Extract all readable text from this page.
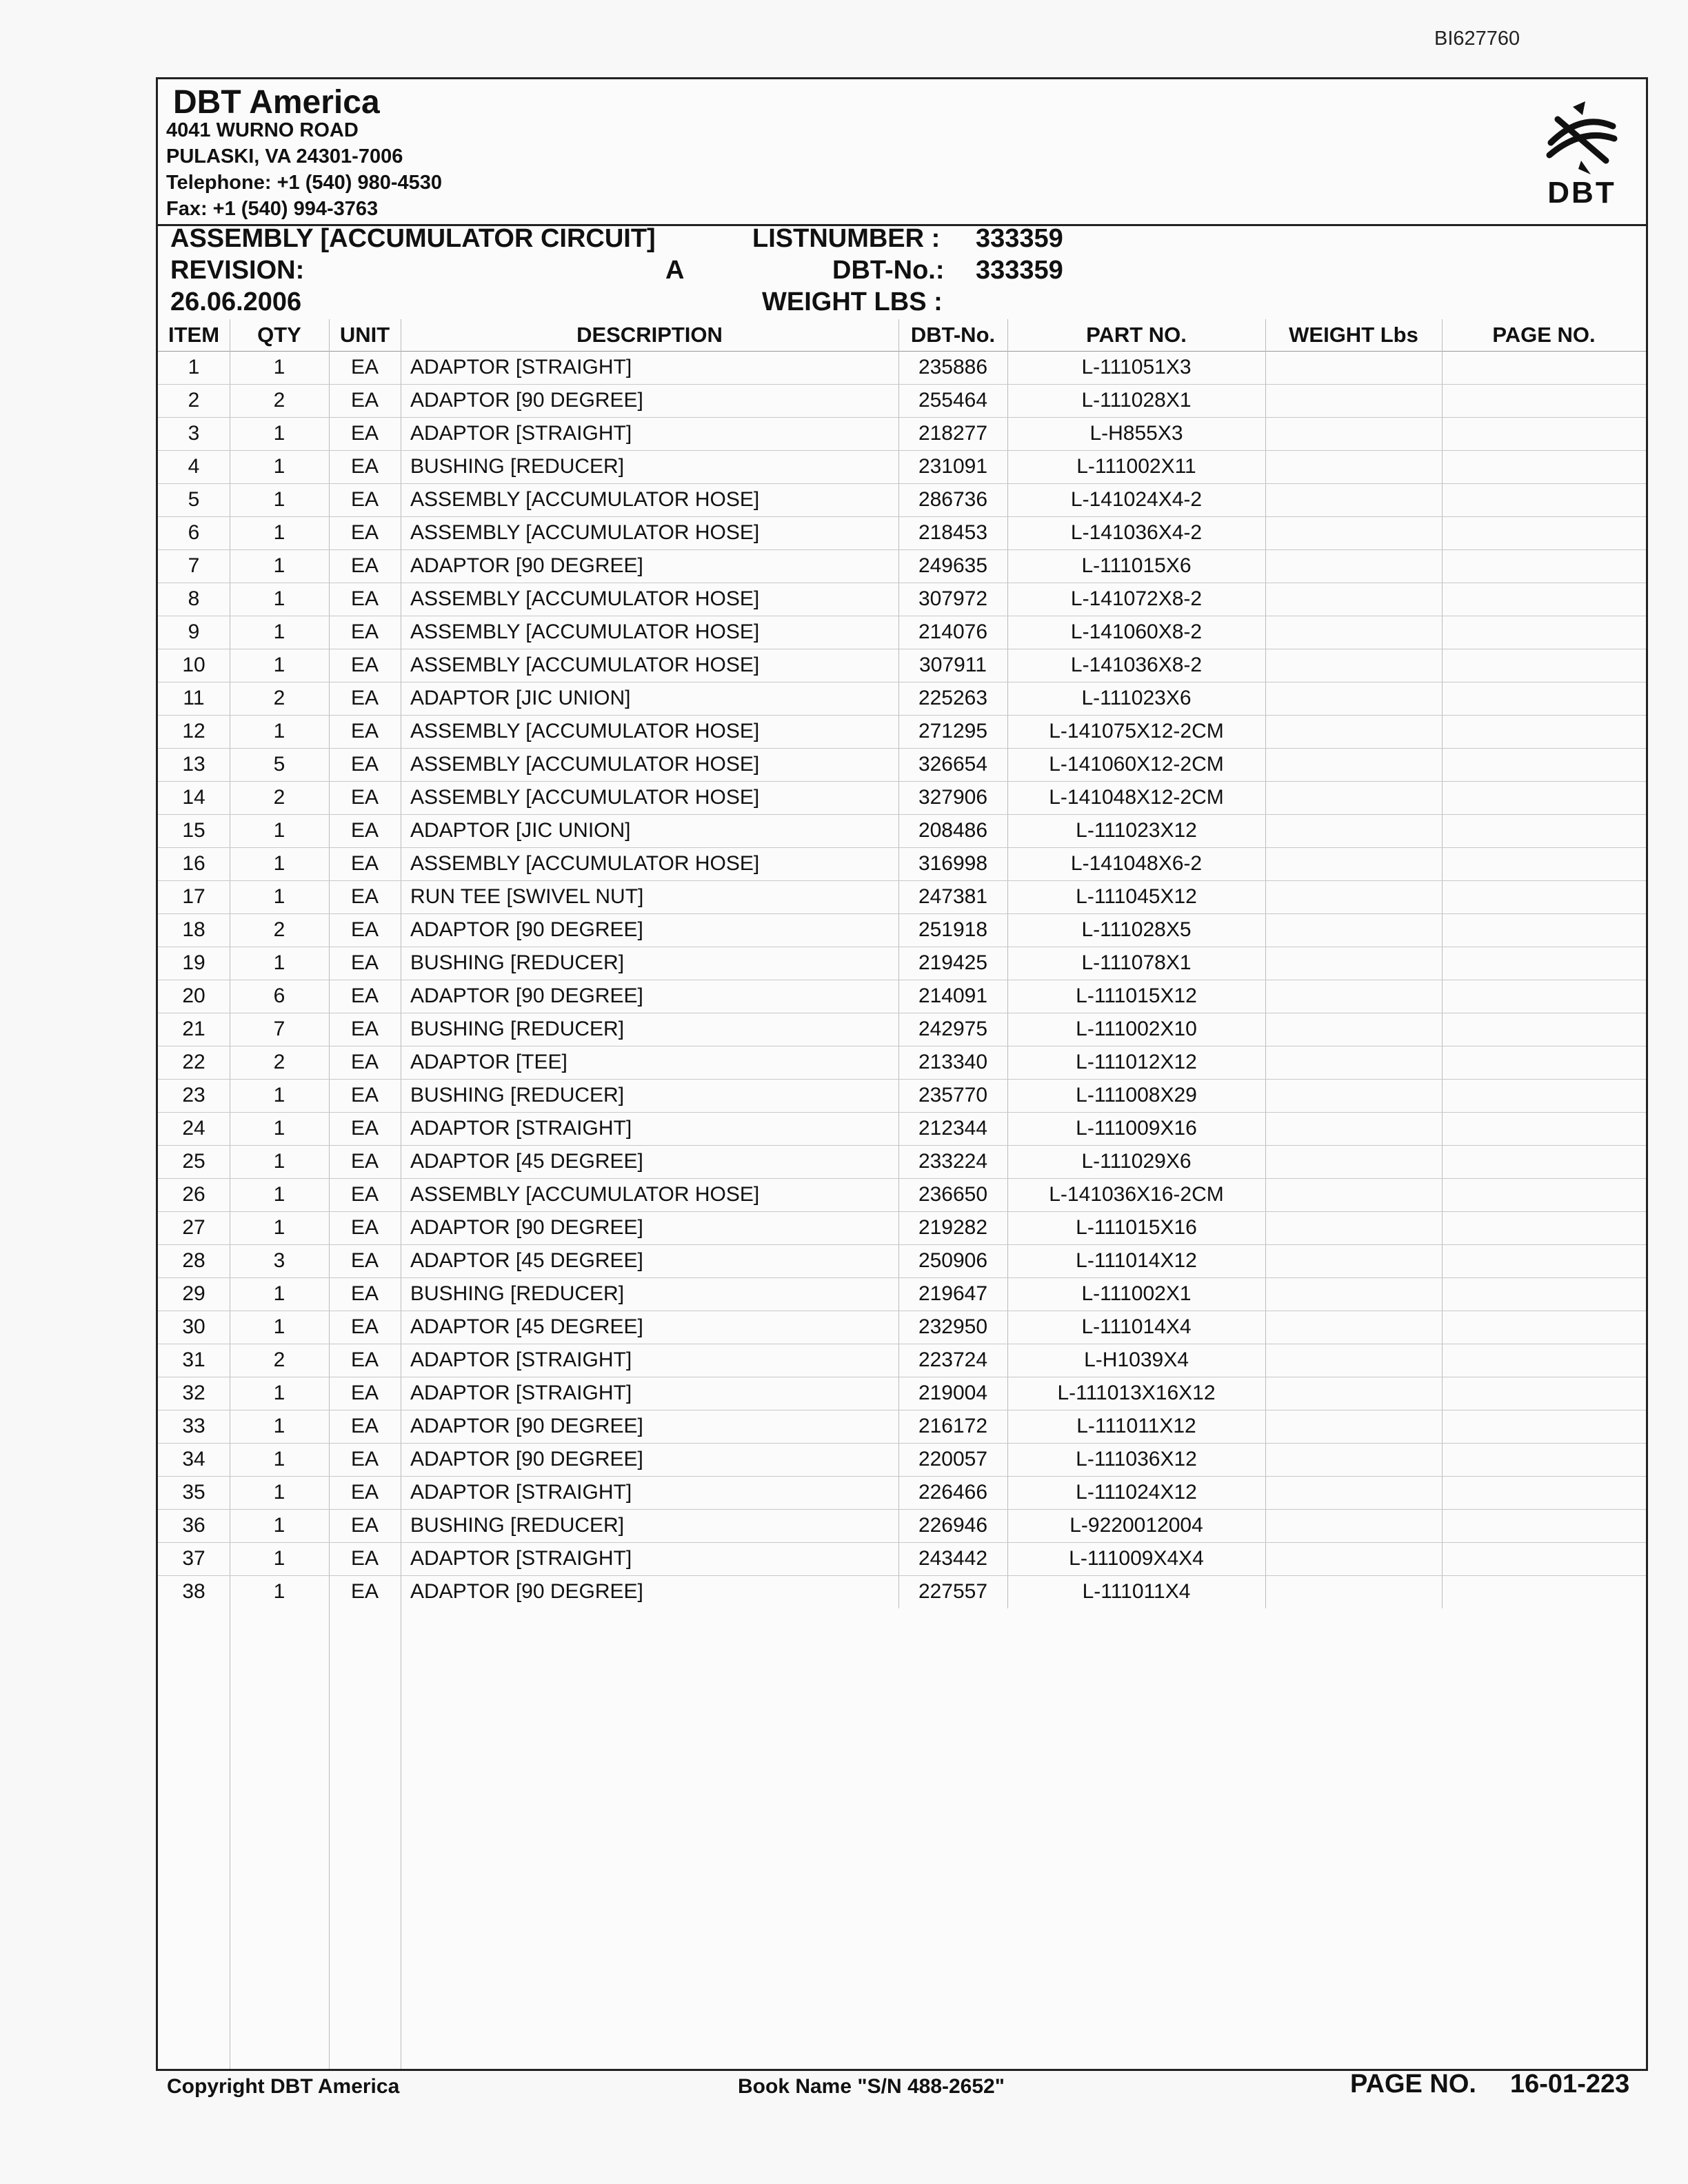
BI627760
DBT America
4041 WURNO ROAD
PULASKI, VA 24301-7006
Telephone: +1 (540) 980-4530
Fax: +1 (540) 994-3763	DBT
ASSEMBLY [ACCUMULATOR CIRCUIT]	LISTNUMBER : 333359
REVISION:	A	DBT-No.: 333359
26.06.2006	WEIGHT LBS :
ITEM	QTY	UNIT	DESCRIPTION	DBT-No.	PART NO.	WEIGHT Lbs	PAGE NO.
1	1	EA	ADAPTOR [STRAIGHT]	235886	L-111051X3
2	2	EA	ADAPTOR [90 DEGREE]	255464	L-111028X1
3	1	EA	ADAPTOR [STRAIGHT]	218277	L-H855X3
4	1	EA	BUSHING [REDUCER]	231091	L-111002X11
5	1	EA	ASSEMBLY [ACCUMULATOR HOSE]	286736	L-141024X4-2
6	1	EA	ASSEMBLY [ACCUMULATOR HOSE]	218453	L-141036X4-2
7	1	EA	ADAPTOR [90 DEGREE]	249635	L-111015X6
8	1	EA	ASSEMBLY [ACCUMULATOR HOSE]	307972	L-141072X8-2
9	1	EA	ASSEMBLY [ACCUMULATOR HOSE]	214076	L-141060X8-2
10	1	EA	ASSEMBLY [ACCUMULATOR HOSE]	307911	L-141036X8-2
11	2	EA	ADAPTOR [JIC UNION]	225263	L-111023X6
12	1	EA	ASSEMBLY [ACCUMULATOR HOSE]	271295	L-141075X12-2CM
13	5	EA	ASSEMBLY [ACCUMULATOR HOSE]	326654	L-141060X12-2CM
14	2	EA	ASSEMBLY [ACCUMULATOR HOSE]	327906	L-141048X12-2CM
15	1	EA	ADAPTOR [JIC UNION]	208486	L-111023X12
16	1	EA	ASSEMBLY [ACCUMULATOR HOSE]	316998	L-141048X6-2
17	1	EA	RUN TEE [SWIVEL NUT]	247381	L-111045X12
18	2	EA	ADAPTOR [90 DEGREE]	251918	L-111028X5
19	1	EA	BUSHING [REDUCER]	219425	L-111078X1
20	6	EA	ADAPTOR [90 DEGREE]	214091	L-111015X12
21	7	EA	BUSHING [REDUCER]	242975	L-111002X10
22	2	EA	ADAPTOR [TEE]	213340	L-111012X12
23	1	EA	BUSHING [REDUCER]	235770	L-111008X29
24	1	EA	ADAPTOR [STRAIGHT]	212344	L-111009X16
25	1	EA	ADAPTOR [45 DEGREE]	233224	L-111029X6
26	1	EA	ASSEMBLY [ACCUMULATOR HOSE]	236650	L-141036X16-2CM
27	1	EA	ADAPTOR [90 DEGREE]	219282	L-111015X16
28	3	EA	ADAPTOR [45 DEGREE]	250906	L-111014X12
29	1	EA	BUSHING [REDUCER]	219647	L-111002X1
30	1	EA	ADAPTOR [45 DEGREE]	232950	L-111014X4
31	2	EA	ADAPTOR [STRAIGHT]	223724	L-H1039X4
32	1	EA	ADAPTOR [STRAIGHT]	219004	L-111013X16X12
33	1	EA	ADAPTOR [90 DEGREE]	216172	L-111011X12
34	1	EA	ADAPTOR [90 DEGREE]	220057	L-111036X12
35	1	EA	ADAPTOR [STRAIGHT]	226466	L-111024X12
36	1	EA	BUSHING [REDUCER]	226946	L-9220012004
37	1	EA	ADAPTOR [STRAIGHT]	243442	L-111009X4X4
38	1	EA	ADAPTOR [90 DEGREE]	227557	L-111011X4
Copyright DBT America	Book Name "S/N 488-2652"	PAGE NO. 16-01-223
